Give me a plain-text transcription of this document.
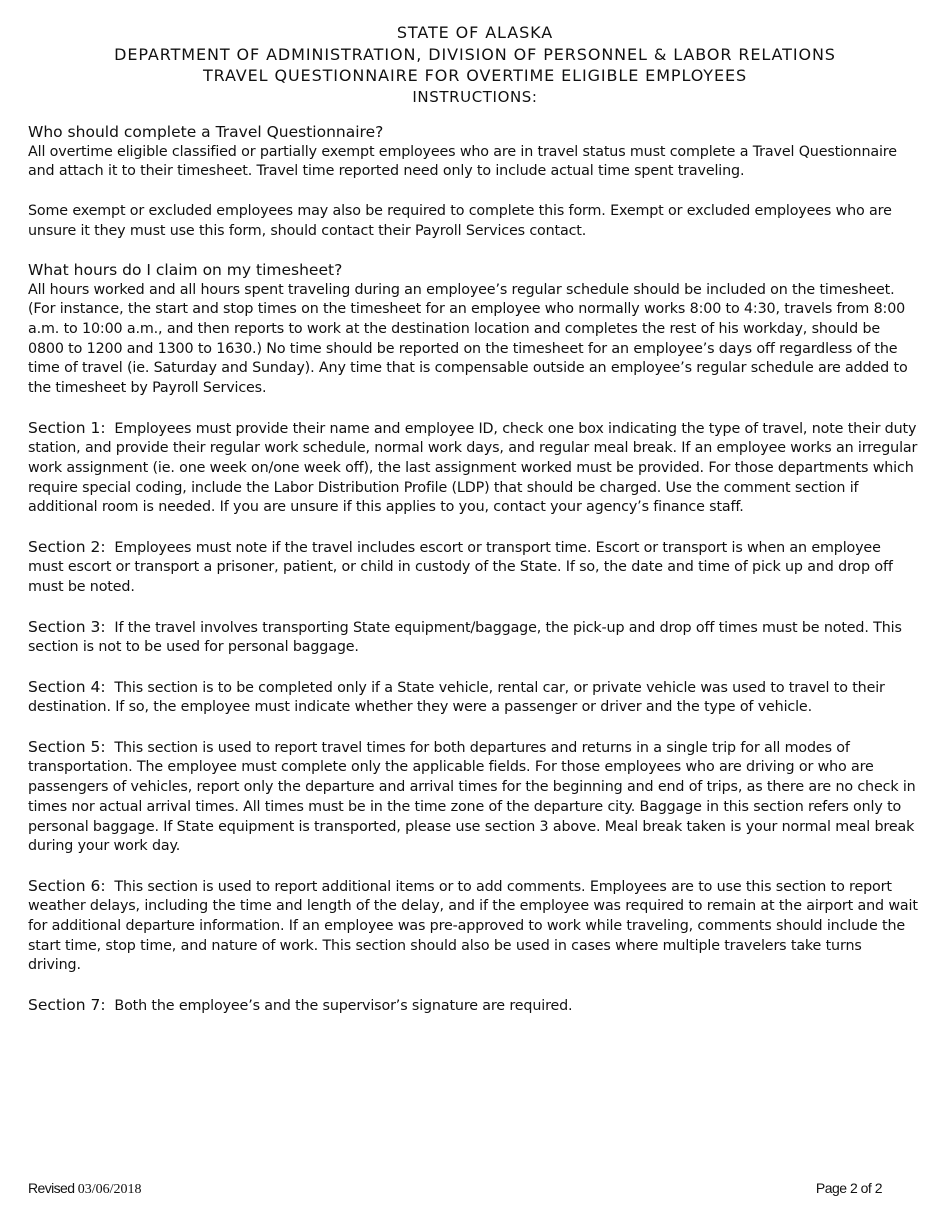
STATE OF ALASKA
DEPARTMENT OF ADMINISTRATION, DIVISION OF PERSONNEL & LABOR RELATIONS
TRAVEL QUESTIONNAIRE FOR OVERTIME ELIGIBLE EMPLOYEES
INSTRUCTIONS:
Who should complete a Travel Questionnaire?

All overtime eligible classified or partially exempt employees who are in travel status must complete a Travel Questionnaire and attach it to their timesheet. Travel time reported need only to include actual time spent traveling.

Some exempt or excluded employees may also be required to complete this form. Exempt or excluded employees who are unsure it they must use this form, should contact their Payroll Services contact.

What hours do I claim on my timesheet?

All hours worked and all hours spent traveling during an employee’s regular schedule should be included on the timesheet. (For instance, the start and stop times on the timesheet for an employee who normally works 8:00 to 4:30, travels from 8:00 a.m. to 10:00 a.m., and then reports to work at the destination location and completes the rest of his workday, should be 0800 to 1200 and 1300 to 1630.) No time should be reported on the timesheet for an employee’s days off regardless of the time of travel (ie. Saturday and Sunday). Any time that is compensable outside an employee’s regular schedule are added to the timesheet by Payroll Services.

Section 1: Employees must provide their name and employee ID, check one box indicating the type of travel, note their duty station, and provide their regular work schedule, normal work days, and regular meal break. If an employee works an irregular work assignment (ie. one week on/one week off), the last assignment worked must be provided. For those departments which require special coding, include the Labor Distribution Profile (LDP) that should be charged. Use the comment section if additional room is needed. If you are unsure if this applies to you, contact your agency’s finance staff.

Section 2: Employees must note if the travel includes escort or transport time. Escort or transport is when an employee must escort or transport a prisoner, patient, or child in custody of the State. If so, the date and time of pick up and drop off must be noted.

Section 3: If the travel involves transporting State equipment/baggage, the pick-up and drop off times must be noted. This section is not to be used for personal baggage.

Section 4: This section is to be completed only if a State vehicle, rental car, or private vehicle was used to travel to their destination. If so, the employee must indicate whether they were a passenger or driver and the type of vehicle.

Section 5: This section is used to report travel times for both departures and returns in a single trip for all modes of transportation. The employee must complete only the applicable fields. For those employees who are driving or who are passengers of vehicles, report only the departure and arrival times for the beginning and end of trips, as there are no check in times nor actual arrival times. All times must be in the time zone of the departure city. Baggage in this section refers only to personal baggage. If State equipment is transported, please use section 3 above. Meal break taken is your normal meal break during your work day.

Section 6: This section is used to report additional items or to add comments. Employees are to use this section to report weather delays, including the time and length of the delay, and if the employee was required to remain at the airport and wait for additional departure information. If an employee was pre-approved to work while traveling, comments should include the start time, stop time, and nature of work. This section should also be used in cases where multiple travelers take turns driving.

Section 7: Both the employee’s and the supervisor’s signature are required.

Revised 03/06/2018	Page 2 of 2
